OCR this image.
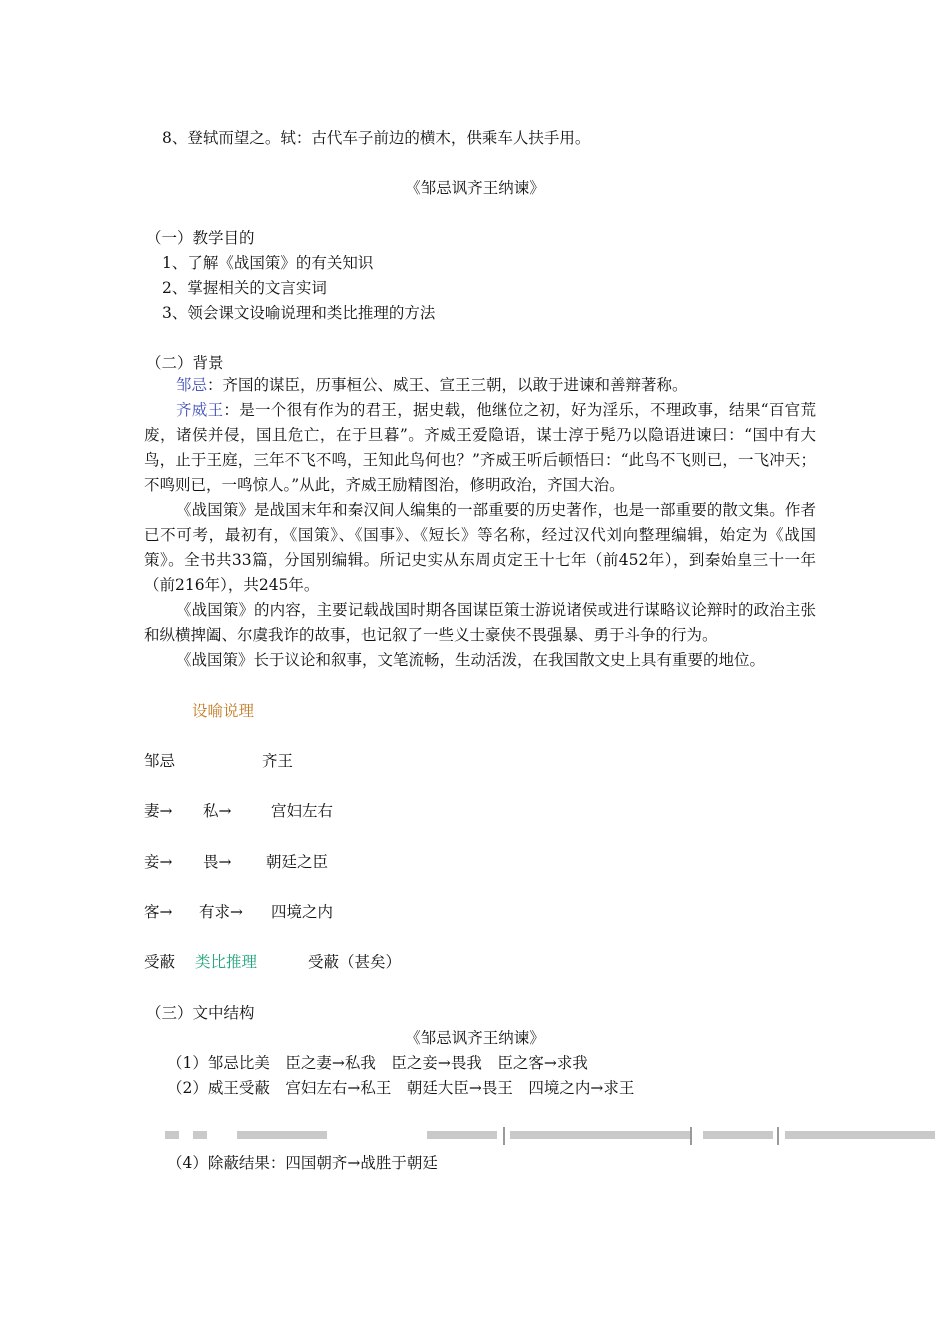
8、登轼而望之。轼：古代车子前边的横木，供乘车人扶手用。
《邹忌讽齐王纳谏》
（一）教学目的
1、了解《战国策》的有关知识
2、掌握相关的文言实词
3、领会课文设喻说理和类比推理的方法
（二）背景

邹忌：齐国的谋臣，历事桓公、威王、宣王三朝，以敢于进谏和善辩著称。

齐威王：是一个很有作为的君王，据史载，他继位之初，好为淫乐，不理政事，结果“百官荒废，诸侯并侵，国且危亡，在于旦暮”。齐威王爱隐语，谋士淳于髡乃以隐语进谏曰：“国中有大鸟，止于王庭，三年不飞不鸣，王知此鸟何也？”齐威王听后顿悟曰：“此鸟不飞则已，一飞冲天；不鸣则已，一鸣惊人。”从此，齐威王励精图治，修明政治，齐国大治。

《战国策》是战国末年和秦汉间人编集的一部重要的历史著作，也是一部重要的散文集。作者已不可考，最初有，《国策》、《国事》、《短长》等名称，经过汉代刘向整理编辑，始定为《战国策》。全书共33篇，分国别编辑。所记史实从东周贞定王十七年（前452年），到秦始皇三十一年（前216年），共245年。

《战国策》的内容，主要记载战国时期各国谋臣策士游说诸侯或进行谋略议论辩时的政治主张和纵横捭阖、尔虞我诈的故事，也记叙了一些义士豪侠不畏强暴、勇于斗争的行为。

《战国策》长于议论和叙事，文笔流畅，生动活泼，在我国散文史上具有重要的地位。

设喻说理
邹忌	齐王
妻→ 私→	宫妇左右
妾→ 畏→ 朝廷之臣
客→ 有求→ 四境之内
受蔽 类比推理	受蔽（甚矣）
（三）文中结构
《邹忌讽齐王纳谏》
（1）邹忌比美　臣之妻→私我　臣之妾→畏我　臣之客→求我
（2）威王受蔽　宫妇左右→私王　朝廷大臣→畏王　四境之内→求王
（4）除蔽结果：四国朝齐→战胜于朝廷
